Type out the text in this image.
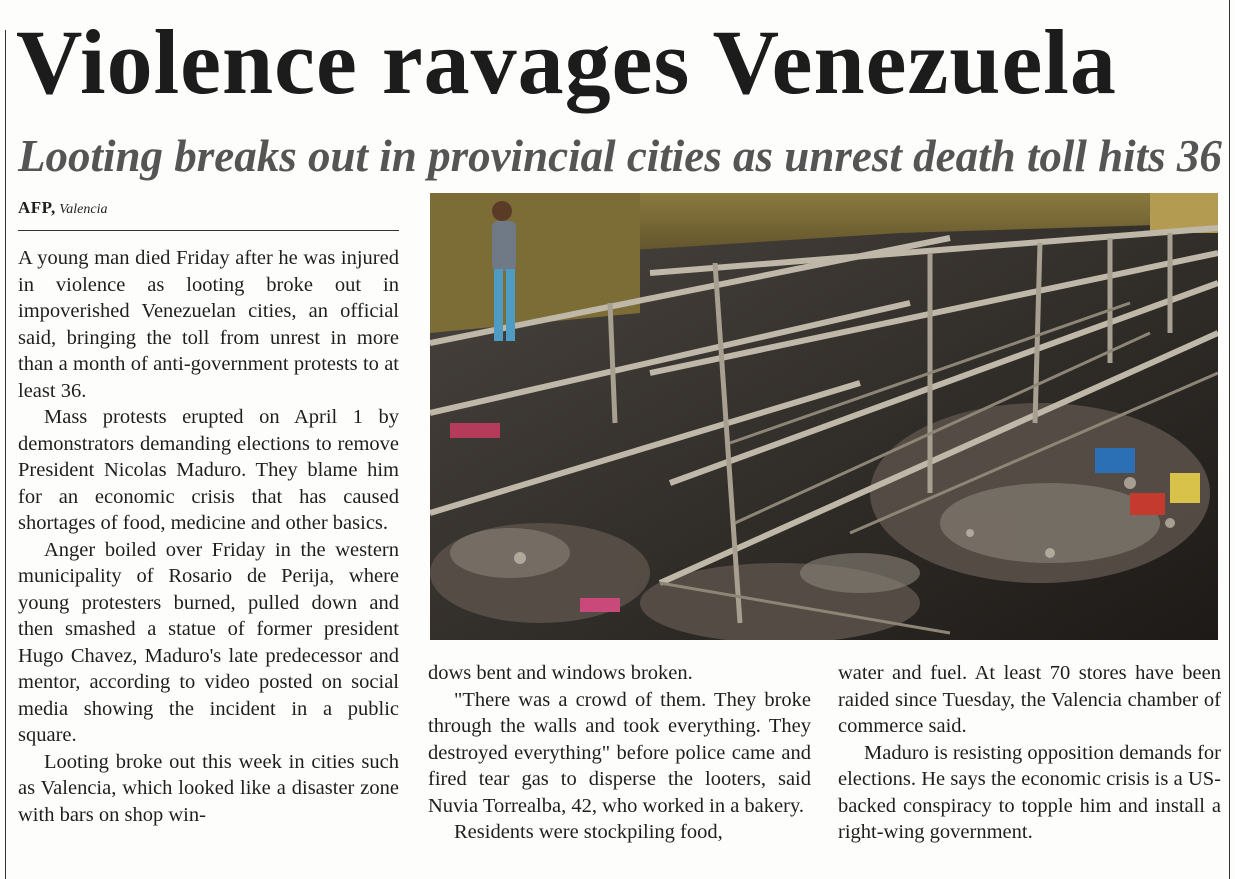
Violence ravages Venezuela
Looting breaks out in provincial cities as unrest death toll hits 36
AFP, Valencia

A young man died Friday after he was injured in violence as looting broke out in impoverished Venezuelan cities, an official said, bringing the toll from unrest in more than a month of anti-government protests to at least 36.

Mass protests erupted on April 1 by demonstrators demanding elections to remove President Nicolas Maduro. They blame him for an economic crisis that has caused shortages of food, medicine and other basics.

Anger boiled over Friday in the western municipality of Rosario de Perija, where young protesters burned, pulled down and then smashed a statue of former president Hugo Chavez, Maduro's late predecessor and mentor, according to video posted on social media showing the incident in a public square.

Looting broke out this week in cities such as Valencia, which looked like a disaster zone with bars on shop win-

dows bent and windows broken.

"There was a crowd of them. They broke through the walls and took everything. They destroyed everything" before police came and fired tear gas to disperse the looters, said Nuvia Torrealba, 42, who worked in a bakery.

Residents were stockpiling food,

water and fuel. At least 70 stores have been raided since Tuesday, the Valencia chamber of commerce said.

Maduro is resisting opposition demands for elections. He says the economic crisis is a US-backed conspiracy to topple him and install a right-wing government.
